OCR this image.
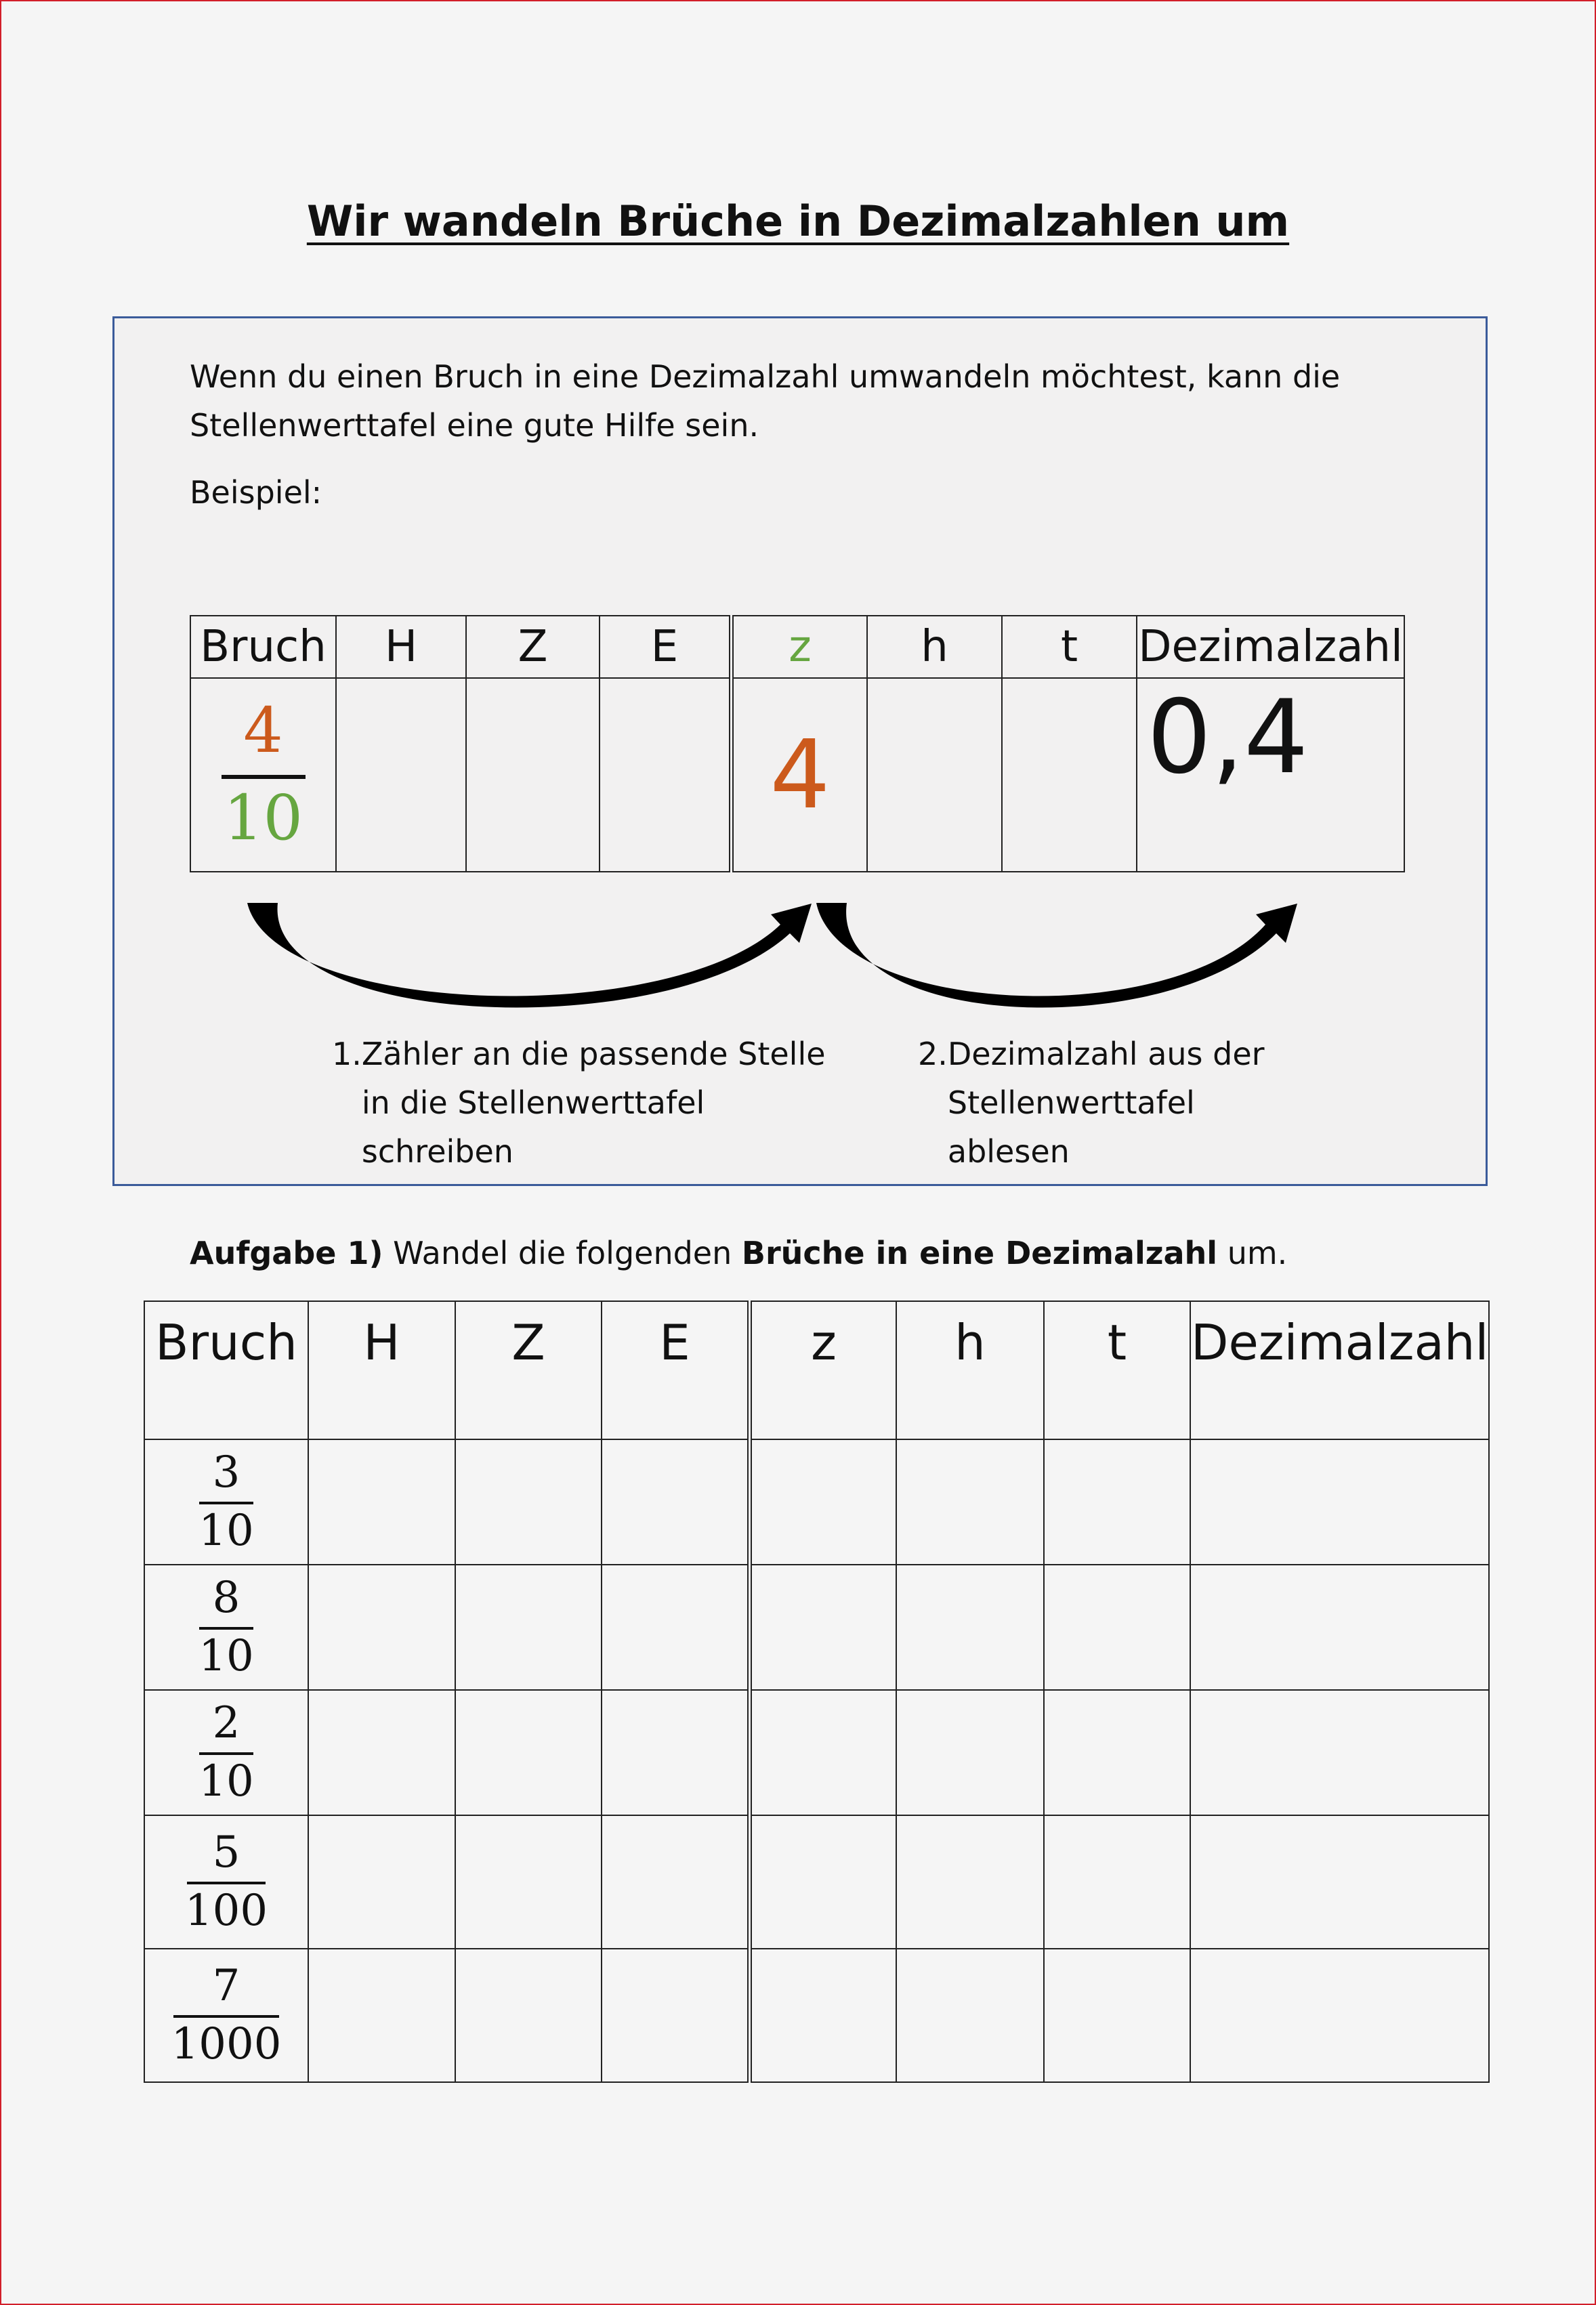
Wir wandeln Brüche in Dezimalzahlen um
Wenn du einen Bruch in eine Dezimalzahl umwandeln möchtest, kann die Stellenwerttafel eine gute Hilfe sein.
Beispiel:
Bruch	H	Z	E	z	h	t	Dezimalzahl

4
10				4			0,4
1. Zähler an die passende Stelle in die Stellenwerttafel schreiben
2. Dezimalzahl aus der Stellenwerttafel ablesen
Aufgabe 1) Wandel die folgenden Brüche in eine Dezimalzahl um.
Bruch	H	Z	E	z	h	t	Dezimalzahl

$\frac{3}{10}$

$\frac{8}{10}$

$\frac{2}{10}$

$\frac{5}{100}$

$\frac{7}{1000}$
